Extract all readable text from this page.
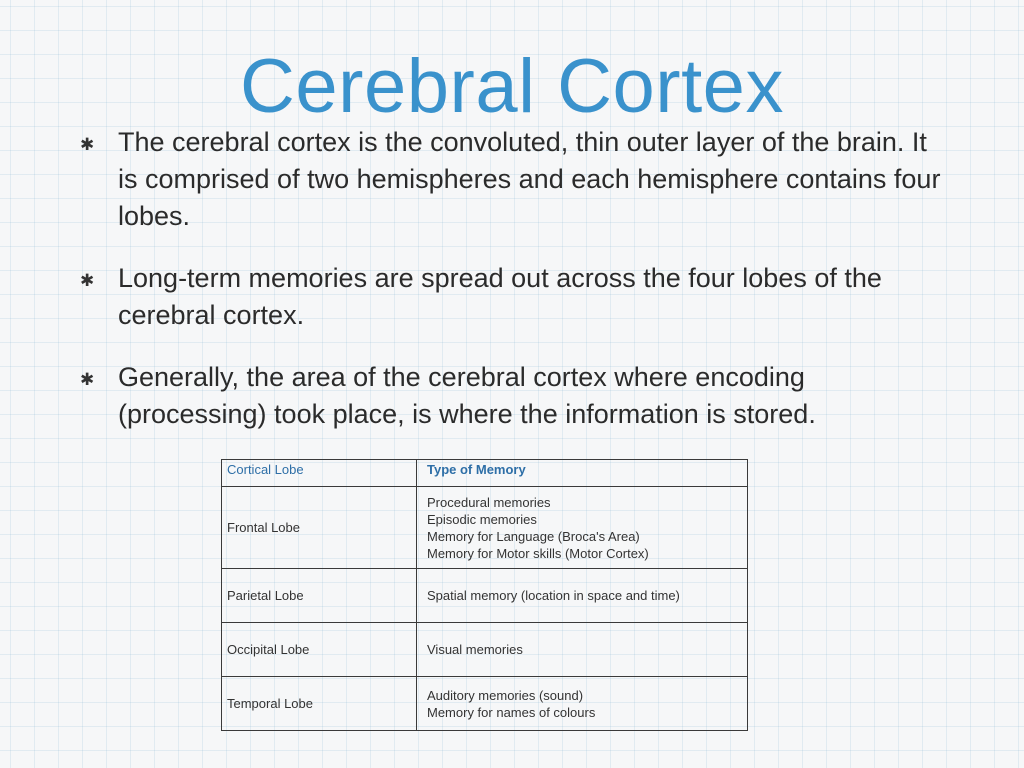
Cerebral Cortex
✱ The cerebral cortex is the convoluted, thin outer layer of the brain. It is comprised of two hemispheres and each hemisphere contains four lobes.
✱ Long-term memories are spread out across the four lobes of the cerebral cortex.
✱ Generally, the area of the cerebral cortex where encoding (processing) took place, is where the information is stored.
Cortical Lobe	Type of Memory
Frontal Lobe	Procedural memories
Episodic memories
Memory for Language (Broca's Area)
Memory for Motor skills (Motor Cortex)

Parietal Lobe	Spatial memory (location in space and time)

Occipital Lobe	Visual memories

Temporal Lobe	Auditory memories (sound)
Memory for names of colours
